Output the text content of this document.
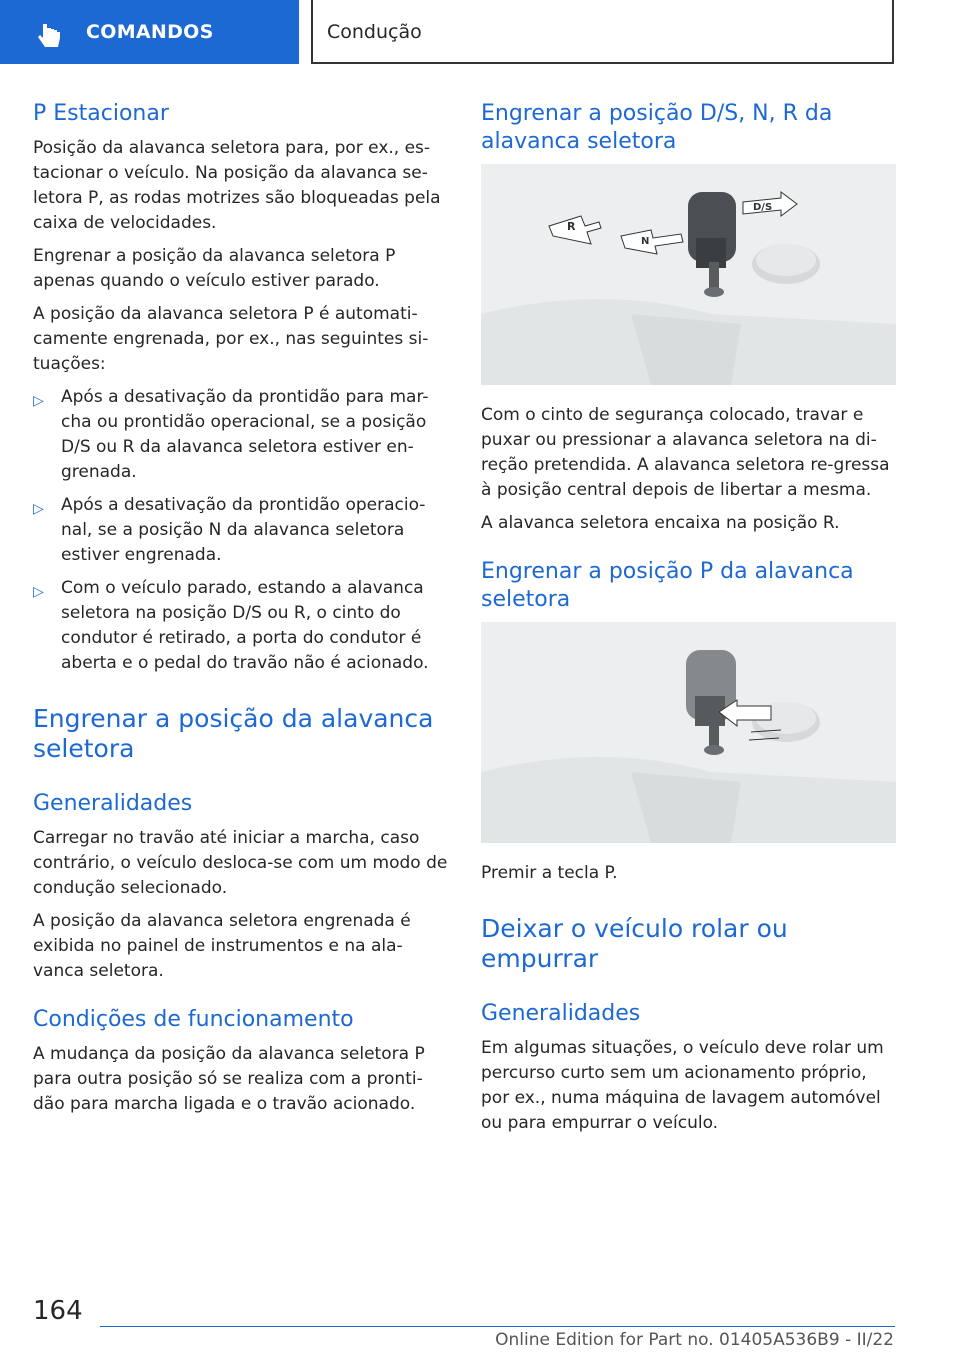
COMANDOS	Condução
P Estacionar

Posição da alavanca seletora para, por ex., es-tacionar o veículo. Na posição da alavanca se-letora P, as rodas motrizes são bloqueadas pela caixa de velocidades.

Engrenar a posição da alavanca seletora P apenas quando o veículo estiver parado.

A posição da alavanca seletora P é automati-camente engrenada, por ex., nas seguintes si-tuações:

▷ Após a desativação da prontidão para mar-cha ou prontidão operacional, se a posição D/S ou R da alavanca seletora estiver en-grenada.
▷ Após a desativação da prontidão operacio-nal, se a posição N da alavanca seletora estiver engrenada.
▷ Com o veículo parado, estando a alavanca seletora na posição D/S ou R, o cinto do condutor é retirado, a porta do condutor é aberta e o pedal do travão não é acionado.
Engrenar a posição da alavanca seletora
Generalidades

Carregar no travão até iniciar a marcha, caso contrário, o veículo desloca-se com um modo de condução selecionado.

A posição da alavanca seletora engrenada é exibida no painel de instrumentos e na ala-vanca seletora.

Condições de funcionamento

A mudança da posição da alavanca seletora P para outra posição só se realiza com a pronti-dão para marcha ligada e o travão acionado.

Engrenar a posição D/S, N, R da alavanca seletora
R
N
D/S

Com o cinto de segurança colocado, travar e puxar ou pressionar a alavanca seletora na di-reção pretendida. A alavanca seletora re-gressa à posição central depois de libertar a mesma.

A alavanca seletora encaixa na posição R.

Engrenar a posição P da alavanca seletora

Premir a tecla P.

Deixar o veículo rolar ou empurrar
Generalidades

Em algumas situações, o veículo deve rolar um percurso curto sem um acionamento próprio, por ex., numa máquina de lavagem automóvel ou para empurrar o veículo.

164
Online Edition for Part no. 01405A536B9 - II/22
